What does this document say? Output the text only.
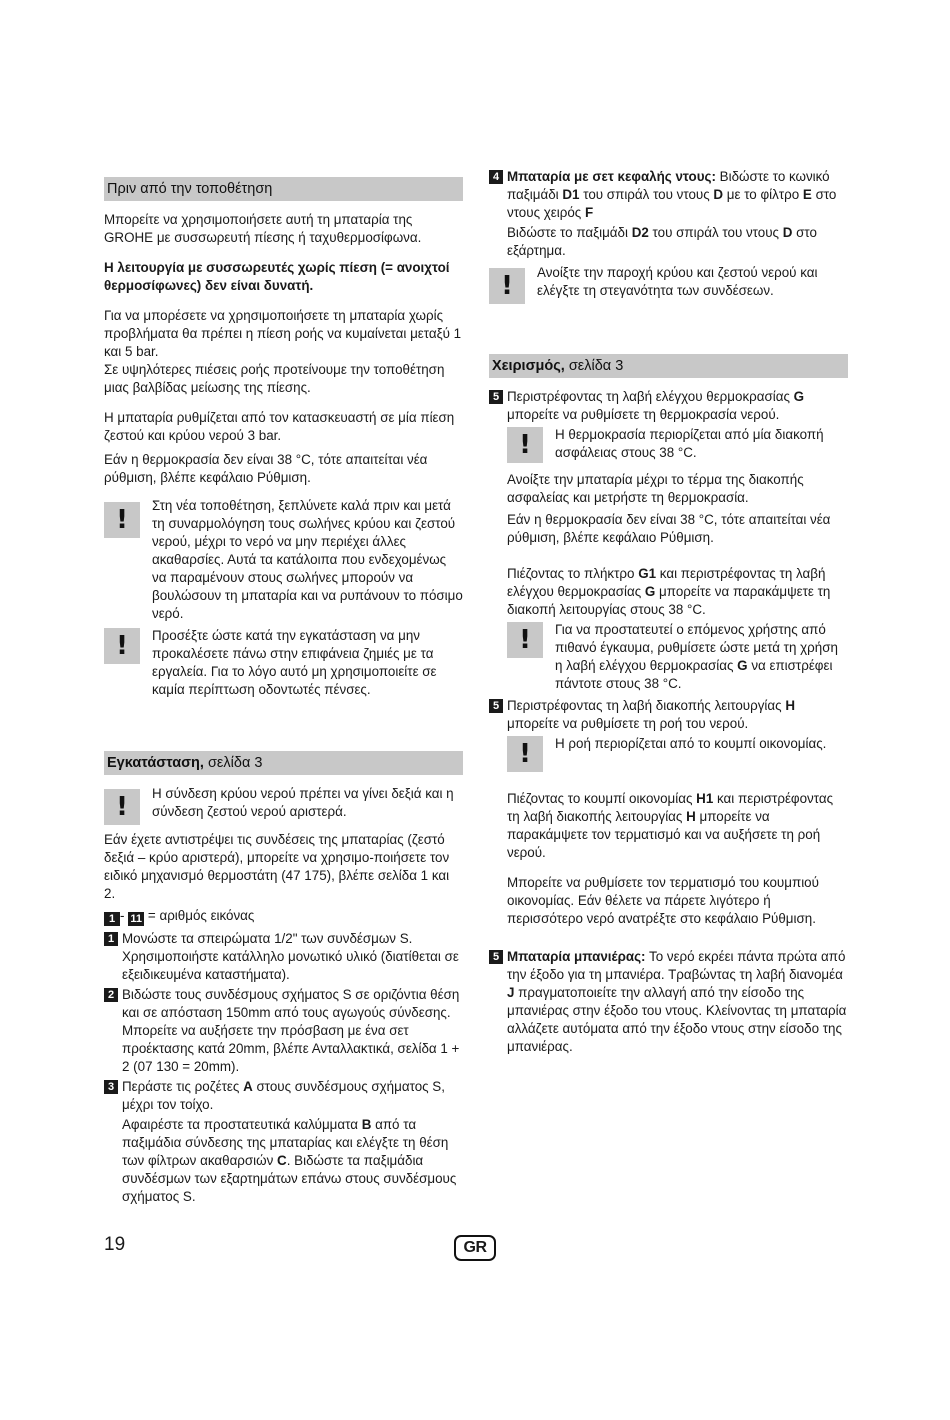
Πριν από την τοποθέτηση

Μπορείτε να χρησιμοποιήσετε αυτή τη μπαταρία της GROHE με συσσωρευτή πίεσης ή ταχυθερμοσίφωνα.

Η λειτουργία με συσσωρευτές χωρίς πίεση (= ανοιχτοί θερμοσίφωνες) δεν είναι δυνατή.

Για να μπορέσετε να χρησιμοποιήσετε τη μπαταρία χωρίς προβλήματα θα πρέπει η πίεση ροής να κυμαίνεται μεταξύ 1 και 5 bar.

Σε υψηλότερες πιέσεις ροής προτείνουμε την τοποθέτηση μιας βαλβίδας μείωσης της πίεσης.

Η μπαταρία ρυθμίζεται από τον κατασκευαστή σε μία πίεση ζεστού και κρύου νερού 3 bar.

Εάν η θερμοκρασία δεν είναι 38 °C, τότε απαιτείται νέα ρύθμιση, βλέπε κεφάλαιο Ρύθμιση.

!	Στη νέα τοποθέτηση, ξεπλύνετε καλά πριν και μετά τη συναρμολόγηση τους σωλήνες κρύου και ζεστού νερού, μέχρι το νερό να μην περιέχει άλλες ακαθαρσίες. Αυτά τα κατάλοιπα που ενδεχομένως να παραμένουν στους σωλήνες μπορούν να βουλώσουν τη μπαταρία και να ρυπάνουν το πόσιμο νερό.
!	Προσέξτε ώστε κατά την εγκατάσταση να μην προκαλέσετε πάνω στην επιφάνεια ζημιές με τα εργαλεία. Για το λόγο αυτό μη χρησιμοποιείτε σε καμία περίπτωση οδοντωτές πένσες.
Εγκατάσταση, σελίδα 3
!	Η σύνδεση κρύου νερού πρέπει να γίνει δεξιά και η σύνδεση ζεστού νερού αριστερά.

Εάν έχετε αντιστρέψει τις συνδέσεις της μπαταρίας (ζεστό δεξιά – κρύο αριστερά), μπορείτε να χρησιμο-ποιήσετε τον ειδικό μηχανισμό θερμοστάτη (47 175), βλέπε σελίδα 1 και 2.

1 - 11 = αριθμός εικόνας

1 Μονώστε τα σπειρώματα 1/2" των συνδέσμων S. Χρησιμοποιήστε κατάλληλο μονωτικό υλικό (διατίθεται σε εξειδικευμένα καταστήματα).
2 Βιδώστε τους συνδέσμους σχήματος S σε οριζόντια θέση και σε απόσταση 150mm από τους αγωγούς σύνδεσης. Μπορείτε να αυξήσετε την πρόσβαση με ένα σετ προέκτασης κατά 20mm, βλέπε Ανταλλακτικά, σελίδα 1 + 2 (07 130 = 20mm).
3 Περάστε τις ροζέτες A στους συνδέσμους σχήματος S, μέχρι τον τοίχο.

Αφαιρέστε τα προστατευτικά καλύμματα B από τα παξιμάδια σύνδεσης της μπαταρίας και ελέγξτε τη θέση των φίλτρων ακαθαρσιών C. Βιδώστε τα παξιμάδια συνδέσμων των εξαρτημάτων επάνω στους συνδέσμους σχήματος S.

4 Μπαταρία με σετ κεφαλής ντους: Βιδώστε το κωνικό παξιμάδι D1 του σπιράλ του ντους D με το φίλτρο E στο ντους χειρός F

Βιδώστε το παξιμάδι D2 του σπιράλ του ντους D στο εξάρτημα.

!	Ανοίξτε την παροχή κρύου και ζεστού νερού και ελέγξτε τη στεγανότητα των συνδέσεων.
Χειρισμός, σελίδα 3
5 Περιστρέφοντας τη λαβή ελέγχου θερμοκρασίας G μπορείτε να ρυθμίσετε τη θερμοκρασία νερού.
!	Η θερμοκρασία περιορίζεται από μία διακοπή ασφάλειας στους 38 °C.

Ανοίξτε την μπαταρία μέχρι το τέρμα της διακοπής ασφαλείας και μετρήστε τη θερμοκρασία.

Εάν η θερμοκρασία δεν είναι 38 °C, τότε απαιτείται νέα ρύθμιση, βλέπε κεφάλαιο Ρύθμιση.

Πιέζοντας το πλήκτρο G1 και περιστρέφοντας τη λαβή ελέγχου θερμοκρασίας G μπορείτε να παρακάμψετε τη διακοπή λειτουργίας στους 38 °C.

!	Για να προστατευτεί ο επόμενος χρήστης από πιθανό έγκαυμα, ρυθμίσετε ώστε μετά τη χρήση η λαβή ελέγχου θερμοκρασίας G να επιστρέφει πάντοτε στους 38 °C.
5 Περιστρέφοντας τη λαβή διακοπής λειτουργίας H μπορείτε να ρυθμίσετε τη ροή του νερού.
!	Η ροή περιορίζεται από το κουμπί οικονομίας.

Πιέζοντας το κουμπί οικονομίας H1 και περιστρέφοντας τη λαβή διακοπής λειτουργίας H μπορείτε να παρακάμψετε τον τερματισμό και να αυξήσετε τη ροή νερού.

Μπορείτε να ρυθμίσετε τον τερματισμό του κουμπιού οικονομίας. Εάν θέλετε να πάρετε λιγότερο ή περισσότερο νερό ανατρέξτε στο κεφάλαιο Ρύθμιση.

5 Μπαταρία μπανιέρας: Το νερό εκρέει πάντα πρώτα από την έξοδο για τη μπανιέρα. Τραβώντας τη λαβή διανομέα J πραγματοποιείτε την αλλαγή από την είσοδο της μπανιέρας στην έξοδο του ντους. Κλείνοντας τη μπαταρία αλλάζετε αυτόματα από την έξοδο ντους στην είσοδο της μπανιέρας.
19	GR
